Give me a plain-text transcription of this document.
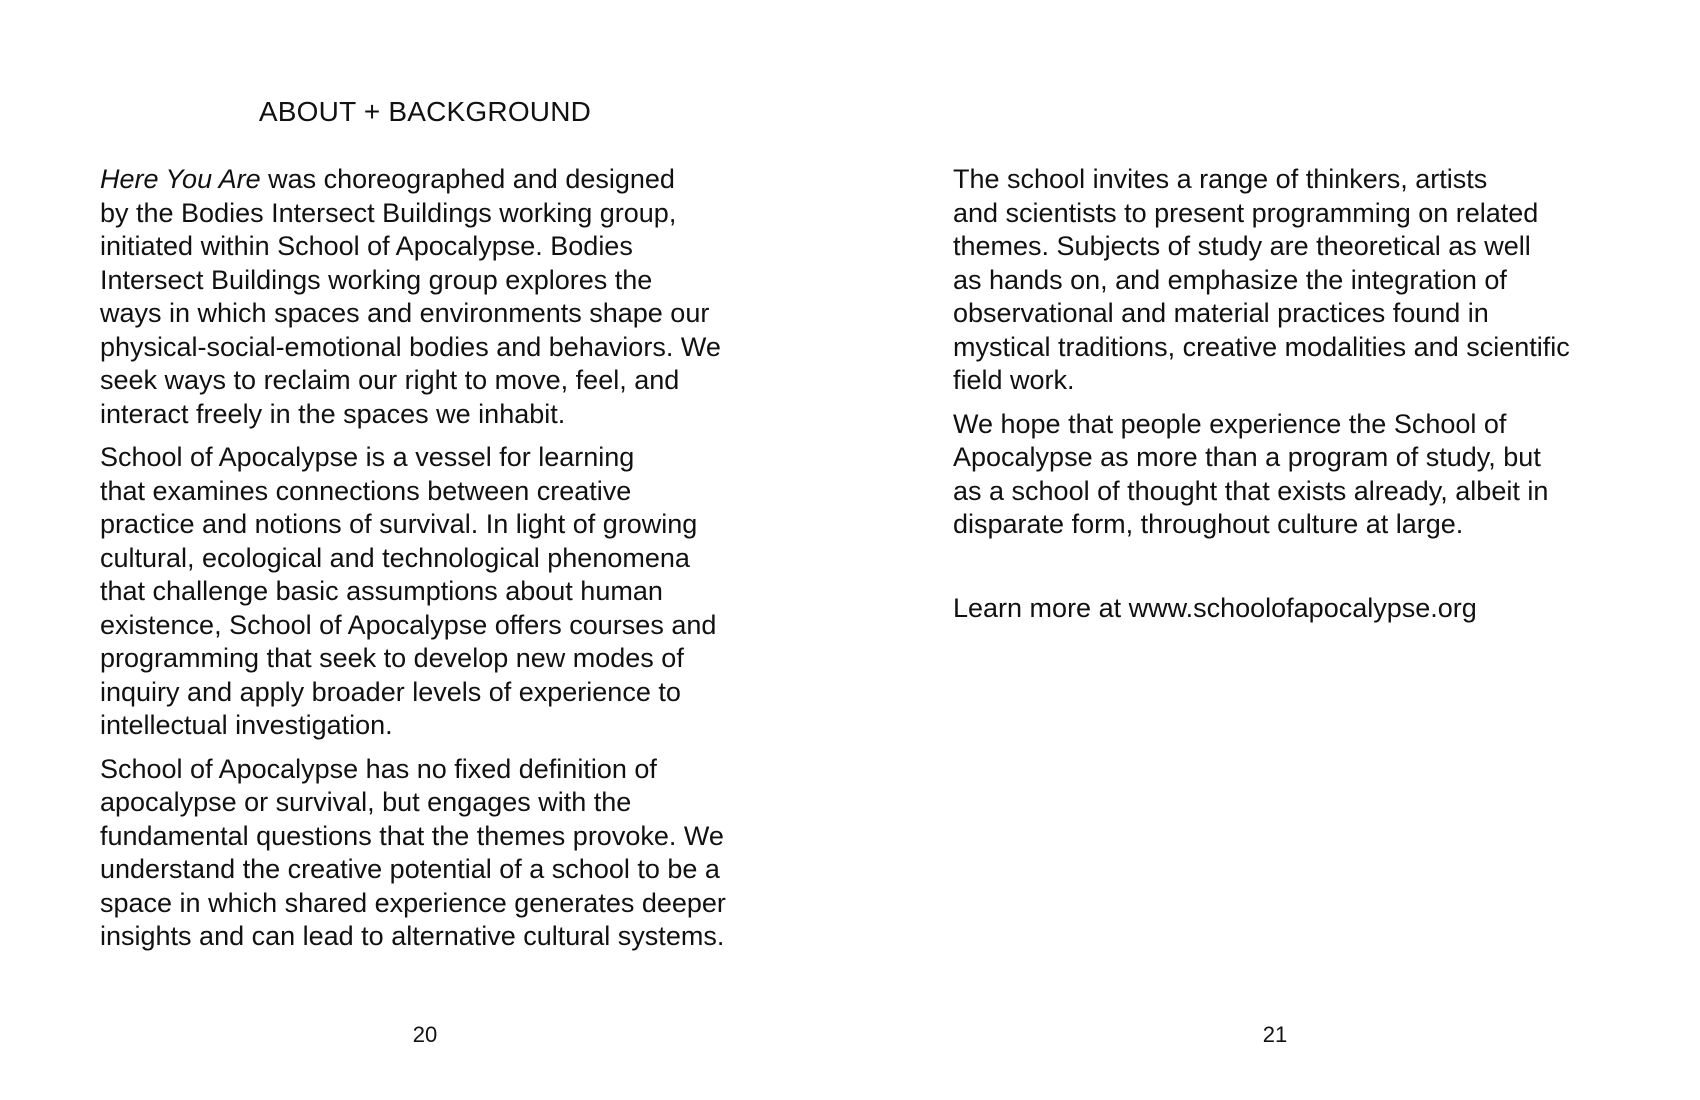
ABOUT + BACKGROUND

Here You Are was choreographed and designed
by the Bodies Intersect Buildings working group,
initiated within School of Apocalypse. Bodies
Intersect Buildings working group explores the
ways in which spaces and environments shape our
physical-social-emotional bodies and behaviors. We
seek ways to reclaim our right to move, feel, and
interact freely in the spaces we inhabit.

School of Apocalypse is a vessel for learning
that examines connections between creative
practice and notions of survival. In light of growing
cultural, ecological and technological phenomena
that challenge basic assumptions about human
existence, School of Apocalypse offers courses and
programming that seek to develop new modes of
inquiry and apply broader levels of experience to
intellectual investigation.

School of Apocalypse has no fixed definition of
apocalypse or survival, but engages with the
fundamental questions that the themes provoke. We
understand the creative potential of a school to be a
space in which shared experience generates deeper
insights and can lead to alternative cultural systems.

20

The school invites a range of thinkers, artists
and scientists to present programming on related
themes. Subjects of study are theoretical as well
as hands on, and emphasize the integration of
observational and material practices found in
mystical traditions, creative modalities and scientific
field work.

We hope that people experience the School of
Apocalypse as more than a program of study, but
as a school of thought that exists already, albeit in
disparate form, throughout culture at large.

Learn more at www.schoolofapocalypse.org

21
